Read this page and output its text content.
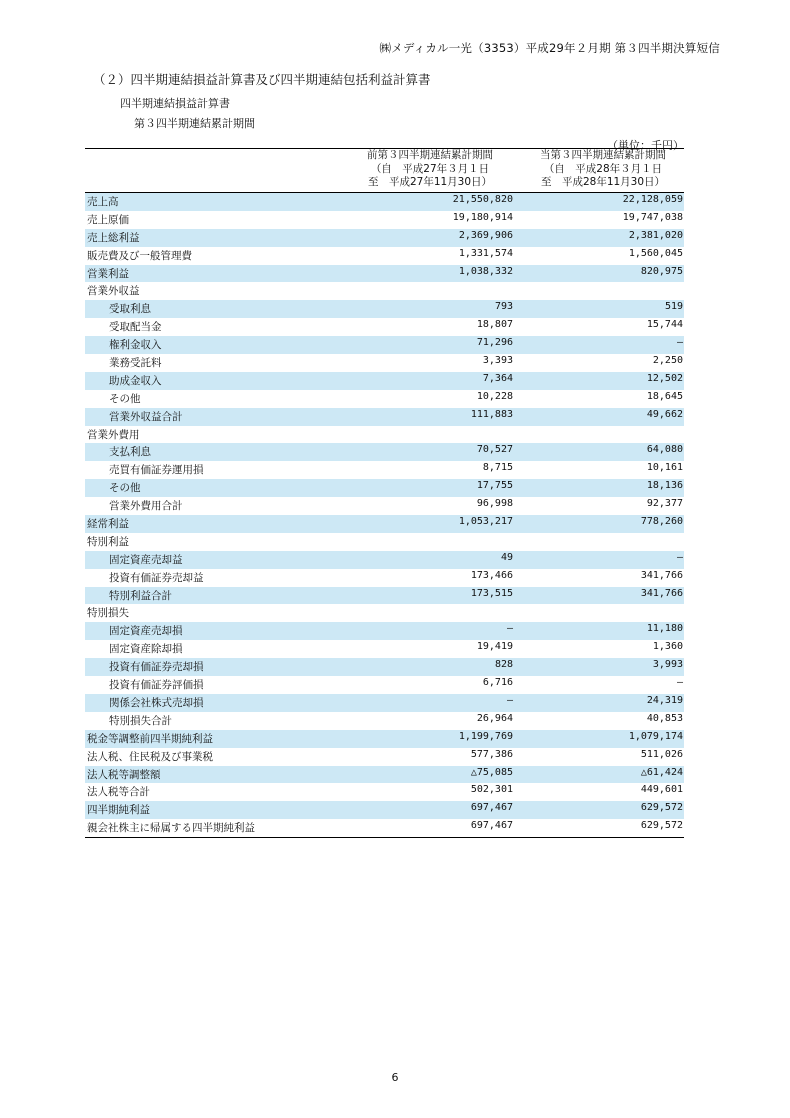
㈱メディカル一光（3353）平成29年２月期 第３四半期決算短信
（２）四半期連結損益計算書及び四半期連結包括利益計算書
四半期連結損益計算書
第３四半期連結累計期間
（単位：千円）
前第３四半期連結累計期間
（自　平成27年３月１日
至　平成27年11月30日）
当第３四半期連結累計期間
（自　平成28年３月１日
至　平成28年11月30日）
売上高	21,550,820	22,128,059
売上原価	19,180,914	19,747,038
売上総利益	2,369,906	2,381,020
販売費及び一般管理費	1,331,574	1,560,045
営業利益	1,038,332	820,975
営業外収益
受取利息	793	519
受取配当金	18,807	15,744
権利金収入	71,296	―
業務受託料	3,393	2,250
助成金収入	7,364	12,502
その他	10,228	18,645
営業外収益合計	111,883	49,662
営業外費用
支払利息	70,527	64,080
売買有価証券運用損	8,715	10,161
その他	17,755	18,136
営業外費用合計	96,998	92,377
経常利益	1,053,217	778,260
特別利益
固定資産売却益	49	―
投資有価証券売却益	173,466	341,766
特別利益合計	173,515	341,766
特別損失
固定資産売却損	―	11,180
固定資産除却損	19,419	1,360
投資有価証券売却損	828	3,993
投資有価証券評価損	6,716	―
関係会社株式売却損	―	24,319
特別損失合計	26,964	40,853
税金等調整前四半期純利益	1,199,769	1,079,174
法人税、住民税及び事業税	577,386	511,026
法人税等調整額	△75,085	△61,424
法人税等合計	502,301	449,601
四半期純利益	697,467	629,572
親会社株主に帰属する四半期純利益	697,467	629,572
6
